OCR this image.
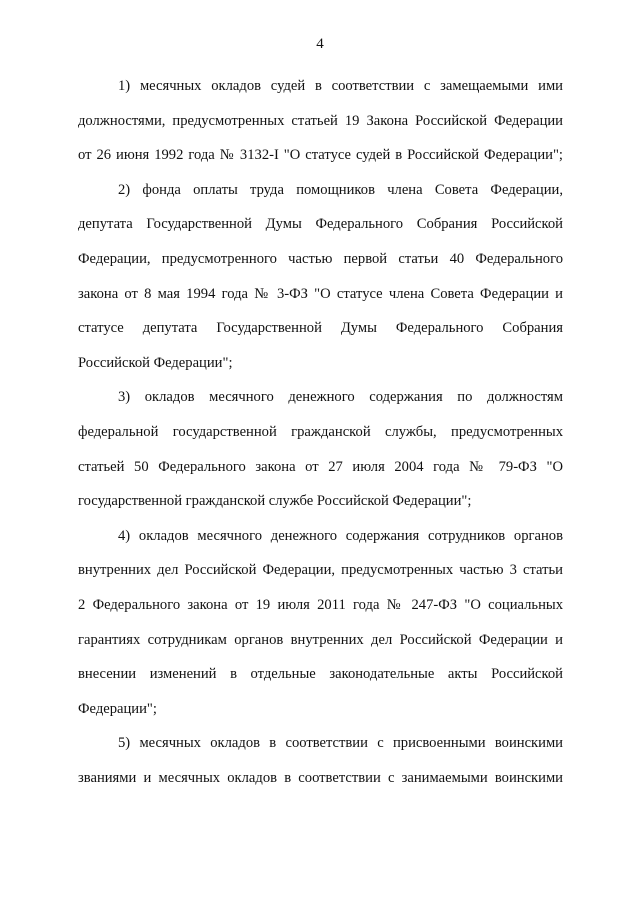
4
1) месячных окладов судей в соответствии с замещаемыми ими
должностями, предусмотренных статьей 19 Закона Российской Федерации
от 26 июня 1992 года № 3132-I "О статусе судей в Российской Федерации";
2) фонда оплаты труда помощников члена Совета Федерации,
депутата Государственной Думы Федерального Собрания Российской
Федерации, предусмотренного частью первой статьи 40 Федерального
закона от 8 мая 1994 года № 3-ФЗ "О статусе члена Совета Федерации и
статусе депутата Государственной Думы Федерального Собрания
Российской Федерации";
3) окладов месячного денежного содержания по должностям
федеральной государственной гражданской службы, предусмотренных
статьей 50 Федерального закона от 27 июля 2004 года № 79-ФЗ "О
государственной гражданской службе Российской Федерации";
4) окладов месячного денежного содержания сотрудников органов
внутренних дел Российской Федерации, предусмотренных частью 3 статьи
2 Федерального закона от 19 июля 2011 года № 247-ФЗ "О социальных
гарантиях сотрудникам органов внутренних дел Российской Федерации и
внесении изменений в отдельные законодательные акты Российской
Федерации";
5) месячных окладов в соответствии с присвоенными воинскими
званиями и месячных окладов в соответствии с занимаемыми воинскими
